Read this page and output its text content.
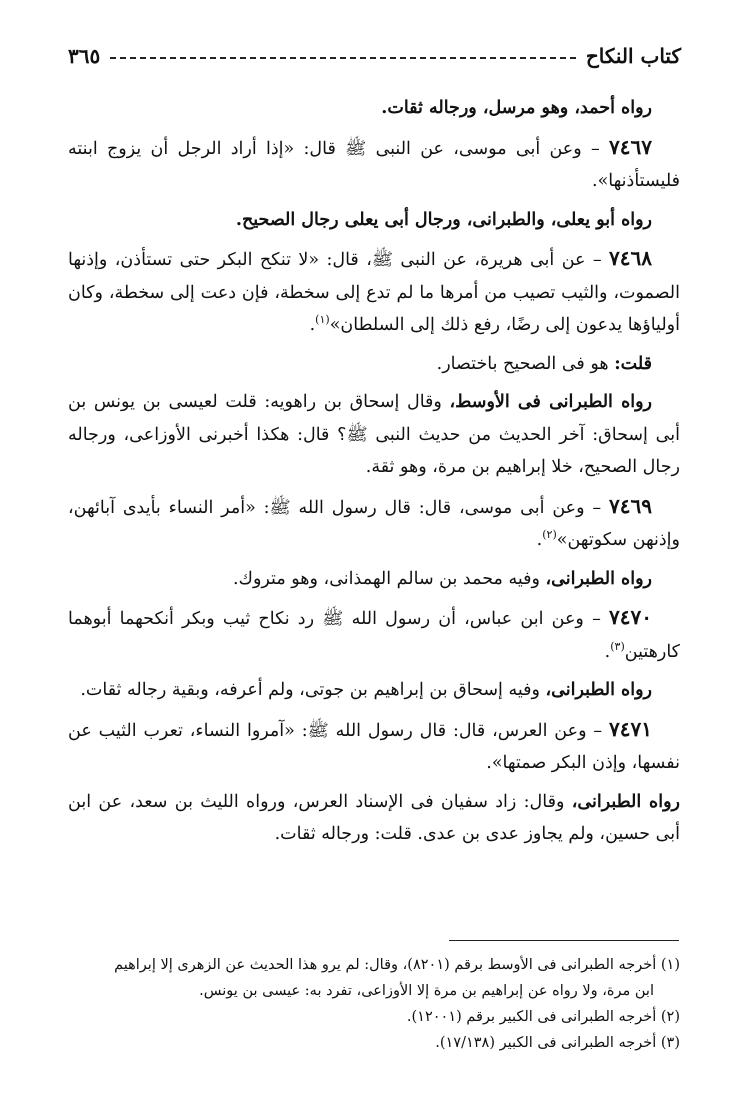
كتاب النكاح
٣٦٥

رواه أحمد، وهو مرسل، ورجاله ثقات.

٧٤٦٧ – وعن أبى موسى، عن النبى ﷺ قال: «إذا أراد الرجل أن يزوج ابنته فليستأذنها».

رواه أبو يعلى، والطبرانى، ورجال أبى يعلى رجال الصحيح.

٧٤٦٨ – عن أبى هريرة، عن النبى ﷺ، قال: «لا تنكح البكر حتى تستأذن، وإذنها الصموت، والثيب تصيب من أمرها ما لم تدع إلى سخطة، فإن دعت إلى سخطة، وكان أولياؤها يدعون إلى رضًا، رفع ذلك إلى السلطان»$^{(١)}$.

قلت: هو فى الصحيح باختصار.

رواه الطبرانى فى الأوسط، وقال إسحاق بن راهويه: قلت لعيسى بن يونس بن أبى إسحاق: آخر الحديث من حديث النبى ﷺ؟ قال: هكذا أخبرنى الأوزاعى، ورجاله رجال الصحيح، خلا إبراهيم بن مرة، وهو ثقة.

٧٤٦٩ – وعن أبى موسى، قال: قال رسول الله ﷺ: «أمر النساء بأيدى آبائهن، وإذنهن سكوتهن»$^{(٢)}$.

رواه الطبرانى، وفيه محمد بن سالم الهمذانى، وهو متروك.

٧٤٧٠ – وعن ابن عباس، أن رسول الله ﷺ رد نكاح ثيب وبكر أنكحهما أبوهما كارهتين$^{(٣)}$.

رواه الطبرانى، وفيه إسحاق بن إبراهيم بن جوتى، ولم أعرفه، وبقية رجاله ثقات.

٧٤٧١ – وعن العرس، قال: قال رسول الله ﷺ: «آمروا النساء، تعرب الثيب عن نفسها، وإذن البكر صمتها».

رواه الطبرانى، وقال: زاد سفيان فى الإسناد العرس، ورواه الليث بن سعد، عن ابن أبى حسين، ولم يجاوز عدى بن عدى. قلت: ورجاله ثقات.

(١) أخرجه الطبرانى فى الأوسط برقم (٨٢٠١)، وقال: لم يرو هذا الحديث عن الزهرى إلا إبراهيم

ابن مرة، ولا رواه عن إبراهيم بن مرة إلا الأوزاعى، تفرد به: عيسى بن يونس.

(٢) أخرجه الطبرانى فى الكبير برقم (١٢٠٠١).

(٣) أخرجه الطبرانى فى الكبير (١٧/١٣٨).
